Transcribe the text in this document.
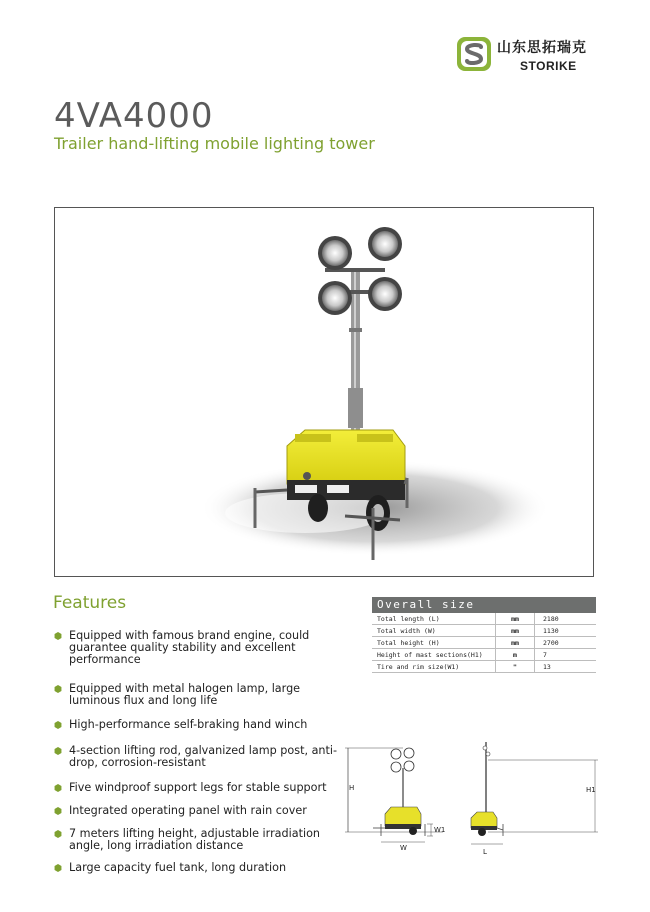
山东思拓瑞克
STORIKE
4VA4000
Trailer hand-lifting mobile lighting tower
Features
Equipped with famous brand engine, could guarantee quality stability and excellent performance
Equipped with metal halogen lamp, large luminous flux and long life
High-performance self-braking hand winch
4-section lifting rod, galvanized lamp post, anti-drop, corrosion-resistant
Five windproof support legs for stable support
Integrated operating panel with rain cover
7 meters lifting height, adjustable irradiation angle, long irradiation distance
Large capacity fuel tank, long duration
Overall size
Total length (L)	mm	2180
Total width (W)	mm	1130
Total height (H)	mm	2700
Height of mast sections(H1)	m	7
Tire and rim size(W1)	"	13
H
W1
W
H1
L
